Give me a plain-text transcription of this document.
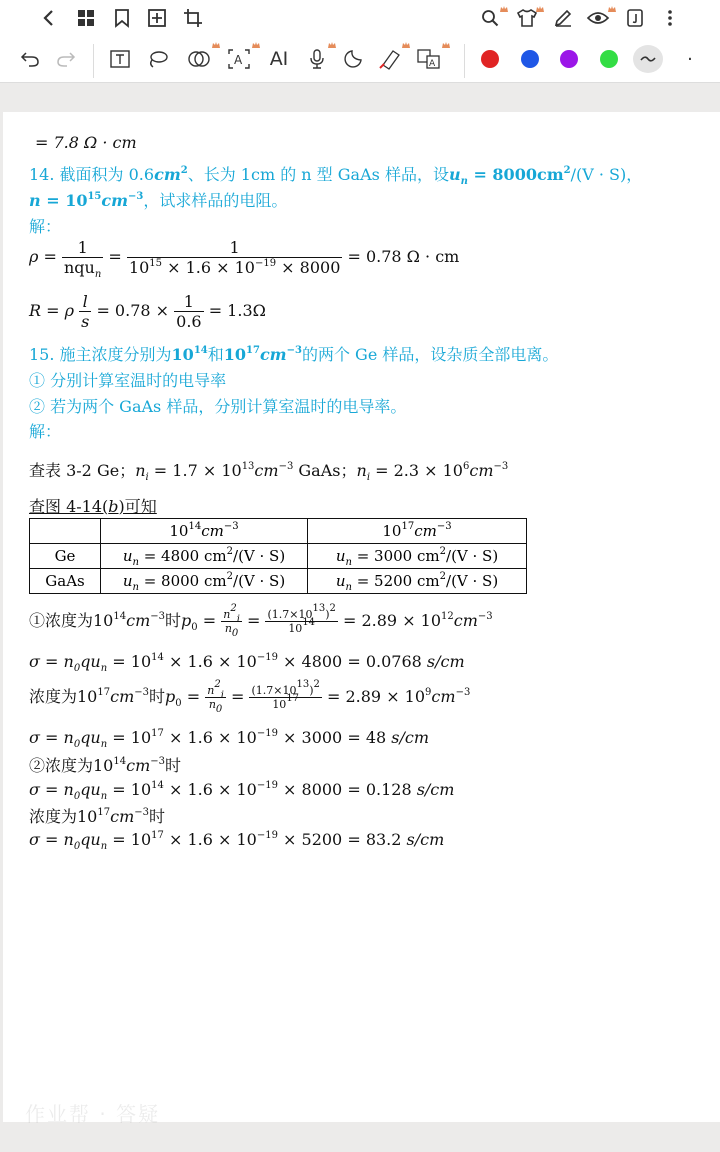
A AI	A	·
= 7.8 Ω · cm
14. 截面积为 $0.6cm^2$、长为 1cm 的 n 型 GaAs 样品，设$u_n = 8000cm^2/(V \cdot S)$，
$n = 10^{15}cm^{-3}$，试求样品的电阻。
解：
$\rho = \frac{1}{nqu_n} = \frac{1}{10^{15} \times 1.6 \times 10^{-19} \times 8000} = 0.78$ Ω · cm
R = ρ $\frac{l}{s} = 0.78 \times \frac{1}{0.6} = 1.3\Omega$
15. 施主浓度分别为$10^{14}$和$10^{17}cm^{-3}$的两个 Ge 样品，设杂质全部电离。
① 分别计算室温时的电导率
② 若为两个 GaAs 样品，分别计算室温时的电导率。
解：
查表 3-2 Ge；$n_i = 1.7 \times 10^{13}cm^{-3}$ GaAs；$n_i = 2.3 \times 10^6cm^{-3}$
查图 4-14(b)可知
	$10^{14}cm^{-3}$	$10^{17}cm^{-3}$
Ge	$u_n = 4800$ $cm^2/(V \cdot S)$	$u_n = 3000$ $cm^2/(V \cdot S)$
GaAs	$u_n = 8000$ $cm^2/(V \cdot S)$	$u_n = 5200$ $cm^2/(V \cdot S)$
①浓度为$10^{14}cm^{-3}$时$p_0 = \frac{n^2_i}{n_0} = \frac{(1.7\times 10^{13})^2}{10^{14}} = 2.89 \times 10^{12}cm^{-3}$
$\sigma = n_0qu_n = 10^{14} \times 1.6 \times 10^{-19} \times 4800 = 0.0768$ s/cm
浓度为$10^{17}cm^{-3}$时$p_0 = \frac{n^2_i}{n_0} = \frac{(1.7\times 10^{13})^2}{10^{17}} = 2.89 \times 10^9cm^{-3}$
$\sigma = n_0qu_n = 10^{17} \times 1.6 \times 10^{-19} \times 3000 = 48$ s/cm
②浓度为$10^{14}cm^{-3}$时
$\sigma = n_0qu_n = 10^{14} \times 1.6 \times 10^{-19} \times 8000 = 0.128$ s/cm
浓度为$10^{17}cm^{-3}$时
$\sigma = n_0qu_n = 10^{17} \times 1.6 \times 10^{-19} \times 5200 = 83.2$ s/cm
作业帮 · 答疑
